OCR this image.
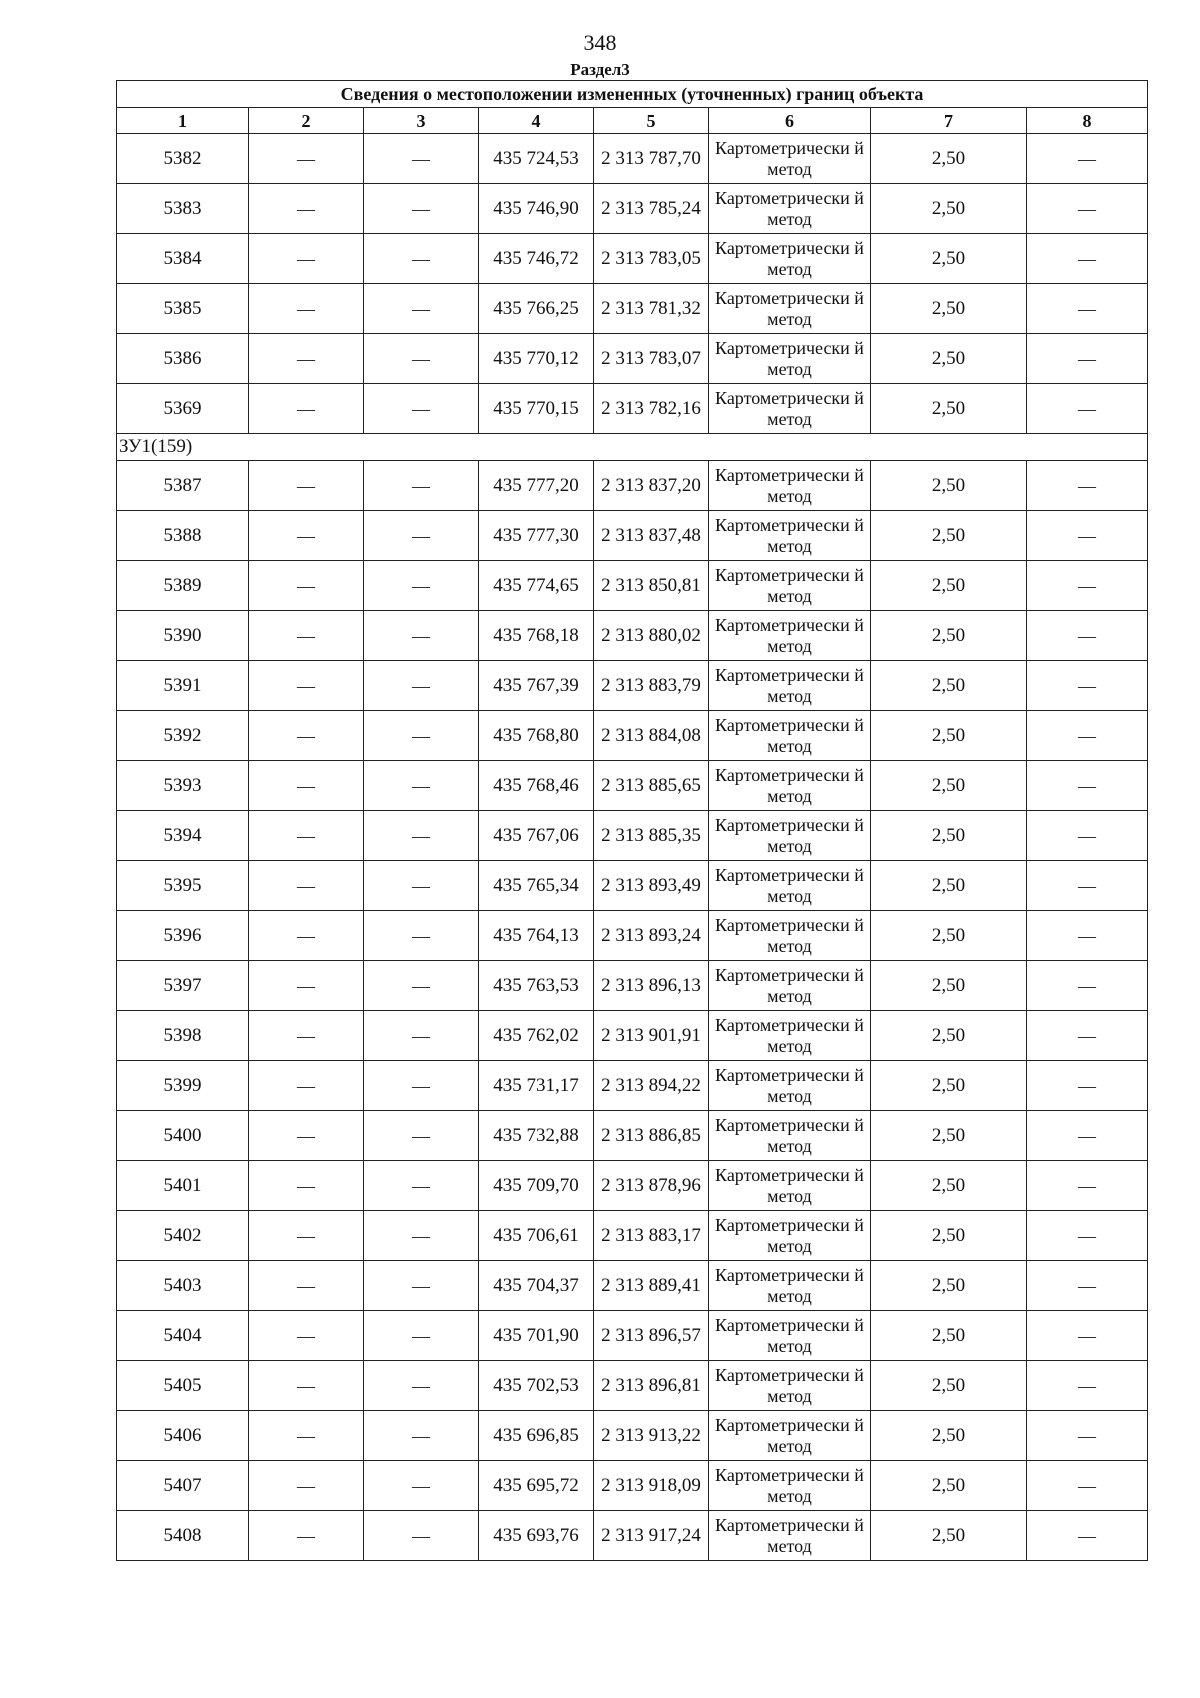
348
Раздел3
Сведения о местоположении измененных (уточненных) границ объекта							
1	2	3	4	5	6	7	8
5382	—	—	435 724,53	2 313 787,70	Картометрически й метод	2,50	—
5383	—	—	435 746,90	2 313 785,24	Картометрически й метод	2,50	—
5384	—	—	435 746,72	2 313 783,05	Картометрически й метод	2,50	—
5385	—	—	435 766,25	2 313 781,32	Картометрически й метод	2,50	—
5386	—	—	435 770,12	2 313 783,07	Картометрически й метод	2,50	—
5369	—	—	435 770,15	2 313 782,16	Картометрически й метод	2,50	—
ЗУ1(159)							
5387	—	—	435 777,20	2 313 837,20	Картометрически й метод	2,50	—
5388	—	—	435 777,30	2 313 837,48	Картометрически й метод	2,50	—
5389	—	—	435 774,65	2 313 850,81	Картометрически й метод	2,50	—
5390	—	—	435 768,18	2 313 880,02	Картометрически й метод	2,50	—
5391	—	—	435 767,39	2 313 883,79	Картометрически й метод	2,50	—
5392	—	—	435 768,80	2 313 884,08	Картометрически й метод	2,50	—
5393	—	—	435 768,46	2 313 885,65	Картометрически й метод	2,50	—
5394	—	—	435 767,06	2 313 885,35	Картометрически й метод	2,50	—
5395	—	—	435 765,34	2 313 893,49	Картометрически й метод	2,50	—
5396	—	—	435 764,13	2 313 893,24	Картометрически й метод	2,50	—
5397	—	—	435 763,53	2 313 896,13	Картометрически й метод	2,50	—
5398	—	—	435 762,02	2 313 901,91	Картометрически й метод	2,50	—
5399	—	—	435 731,17	2 313 894,22	Картометрически й метод	2,50	—
5400	—	—	435 732,88	2 313 886,85	Картометрически й метод	2,50	—
5401	—	—	435 709,70	2 313 878,96	Картометрически й метод	2,50	—
5402	—	—	435 706,61	2 313 883,17	Картометрически й метод	2,50	—
5403	—	—	435 704,37	2 313 889,41	Картометрически й метод	2,50	—
5404	—	—	435 701,90	2 313 896,57	Картометрически й метод	2,50	—
5405	—	—	435 702,53	2 313 896,81	Картометрически й метод	2,50	—
5406	—	—	435 696,85	2 313 913,22	Картометрически й метод	2,50	—
5407	—	—	435 695,72	2 313 918,09	Картометрически й метод	2,50	—
5408	—	—	435 693,76	2 313 917,24	Картометрически й метод	2,50	—
